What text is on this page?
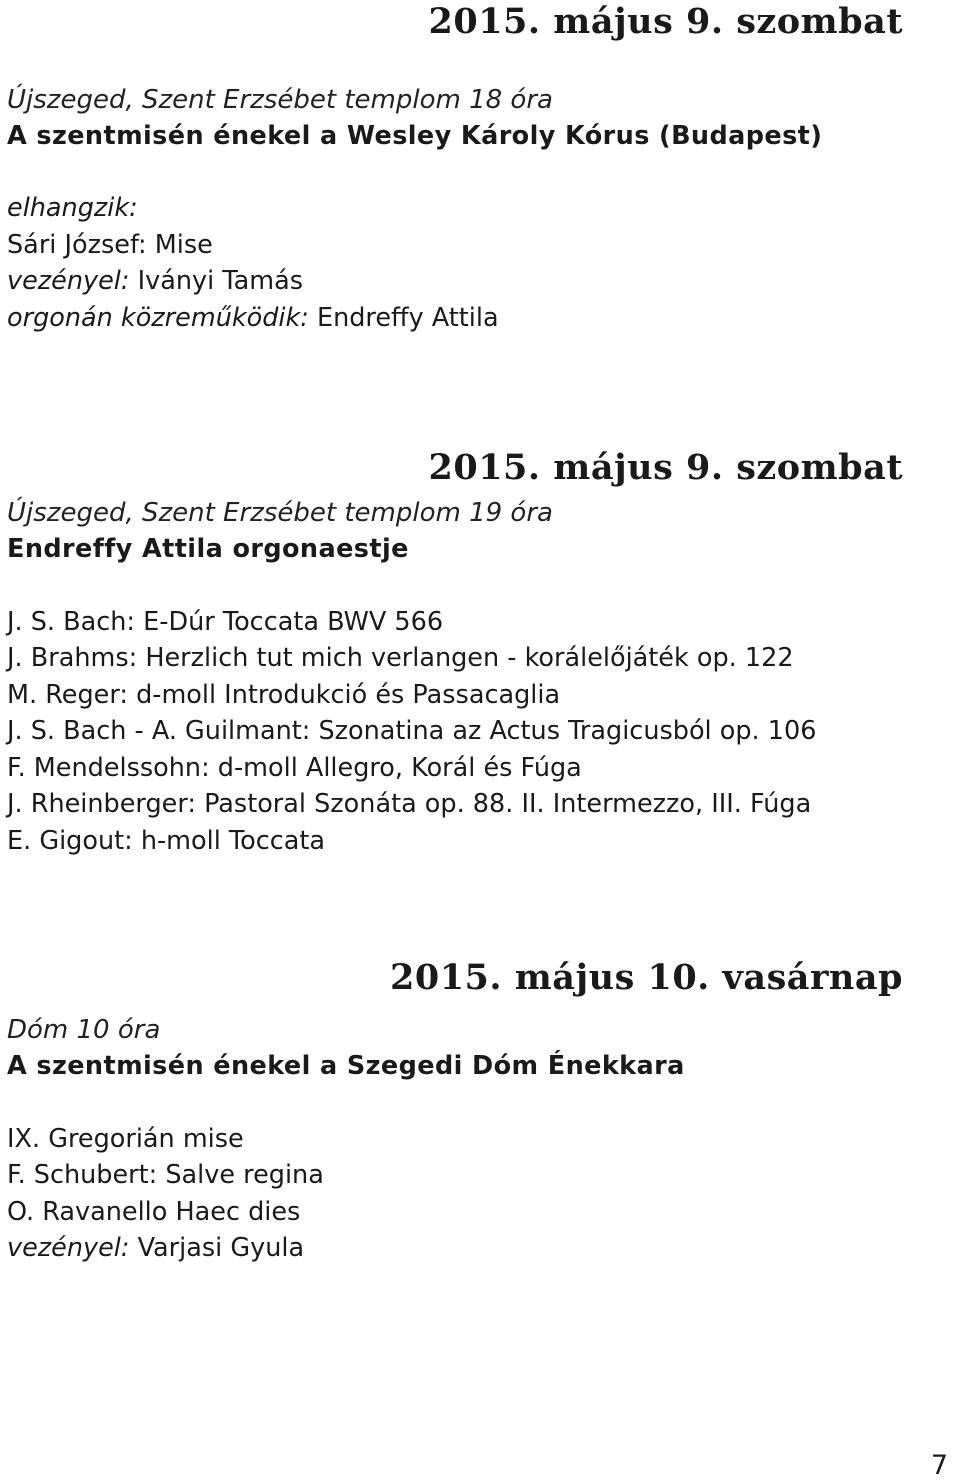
2015. május 9. szombat
Újszeged, Szent Erzsébet templom 18 óra
A szentmisén énekel a Wesley Károly Kórus (Budapest)
elhangzik:
Sári József: Mise
vezényel: Iványi Tamás
orgonán közreműködik: Endreffy Attila
2015. május 9. szombat
Újszeged, Szent Erzsébet templom 19 óra
Endreffy Attila orgonaestje
J. S. Bach: E-Dúr Toccata BWV 566
J. Brahms: Herzlich tut mich verlangen - korálelőjáték op. 122
M. Reger: d-moll Introdukció és Passacaglia
J. S. Bach - A. Guilmant: Szonatina az Actus Tragicusból op. 106
F. Mendelssohn: d-moll Allegro, Korál és Fúga
J. Rheinberger: Pastoral Szonáta op. 88. II. Intermezzo, III. Fúga
E. Gigout: h-moll Toccata
2015. május 10. vasárnap
Dóm 10 óra
A szentmisén énekel a Szegedi Dóm Énekkara
IX. Gregorián mise
F. Schubert: Salve regina
O. Ravanello Haec dies
vezényel: Varjasi Gyula
7
